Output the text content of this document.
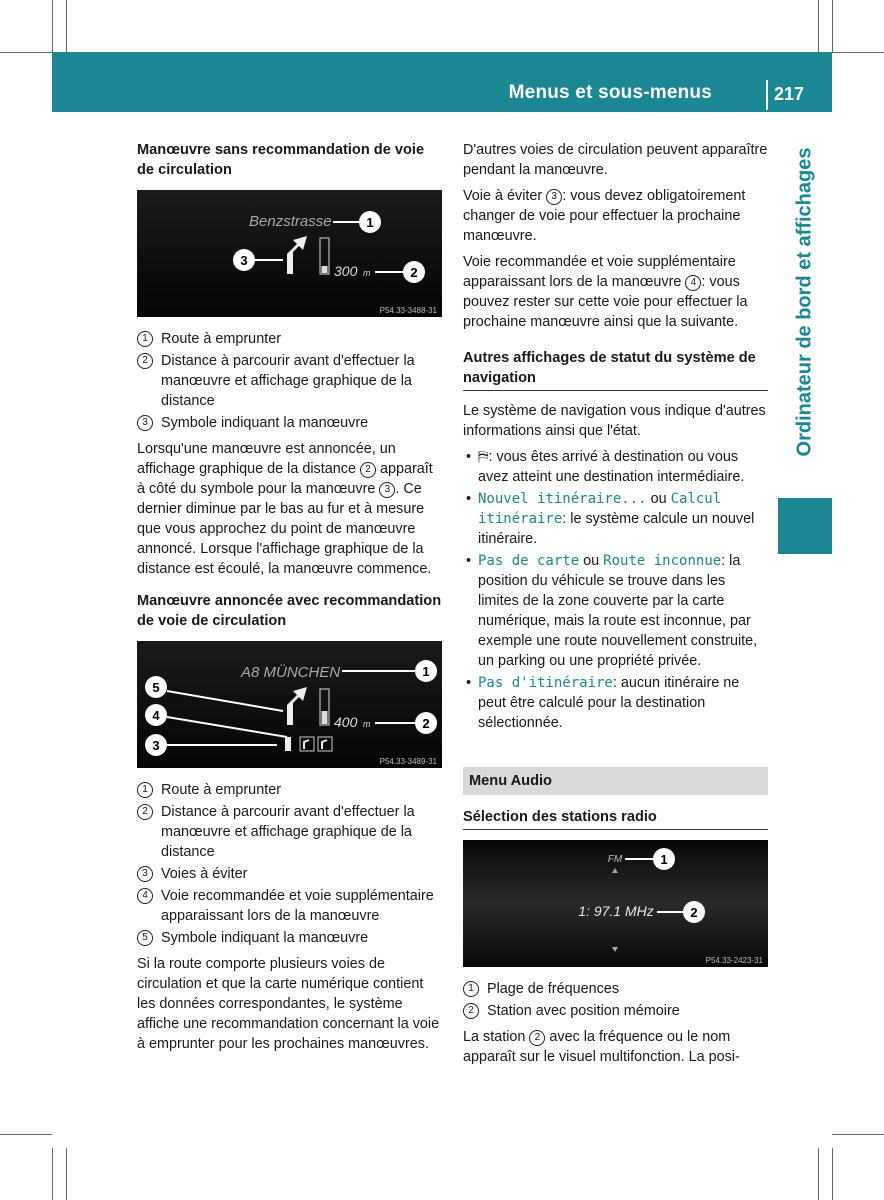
Menus et sous-menus	217
Ordinateur de bord et affichages
Manœuvre sans recommandation de voie de circulation
Benzstrasse	1
3
300 m	2
P54.33-3488-31
1 Route à emprunter
2 Distance à parcourir avant d'effectuer la manœuvre et affichage graphique de la distance
3 Symbole indiquant la manœuvre

Lorsqu'une manœuvre est annoncée, un affichage graphique de la distance 2 apparaît à côté du symbole pour la manœuvre 3 . Ce dernier diminue par le bas au fur et à mesure que vous approchez du point de manœuvre annoncé. Lorsque l'affichage graphique de la distance est écoulé, la manœuvre commence.

Manœuvre annoncée avec recommandation de voie de circulation
A8 MÜNCHEN	1
5
4
3
400 m	2
P54.33-3489-31
1 Route à emprunter
2 Distance à parcourir avant d'effectuer la manœuvre et affichage graphique de la distance
3 Voies à éviter
4 Voie recommandée et voie supplémentaire apparaissant lors de la manœuvre
5 Symbole indiquant la manœuvre

Si la route comporte plusieurs voies de circulation et que la carte numérique contient les données correspondantes, le système affiche une recommandation concernant la voie à emprunter pour les prochaines manœuvres.

D'autres voies de circulation peuvent apparaître pendant la manœuvre.

Voie à éviter 3 : vous devez obligatoirement changer de voie pour effectuer la prochaine manœuvre.

Voie recommandée et voie supplémentaire apparaissant lors de la manœuvre 4 : vous pouvez rester sur cette voie pour effectuer la prochaine manœuvre ainsi que la suivante.

Autres affichages de statut du système de navigation

Le système de navigation vous indique d'autres informations ainsi que l'état.

• ⛿: vous êtes arrivé à destination ou vous avez atteint une destination intermédiaire.
• Nouvel itinéraire... ou Calcul itinéraire: le système calcule un nouvel itinéraire.
• Pas de carte ou Route inconnue: la position du véhicule se trouve dans les limites de la zone couverte par la carte numérique, mais la route est inconnue, par exemple une route nouvellement construite, un parking ou une propriété privée.
• Pas d'itinéraire: aucun itinéraire ne peut être calculé pour la destination sélectionnée.
Menu Audio
Sélection des stations radio
FM	1
1: 97.1 MHz	2
P54.33-2423-31
1 Plage de fréquences
2 Station avec position mémoire

La station 2 avec la fréquence ou le nom apparaît sur le visuel multifonction. La posi-
